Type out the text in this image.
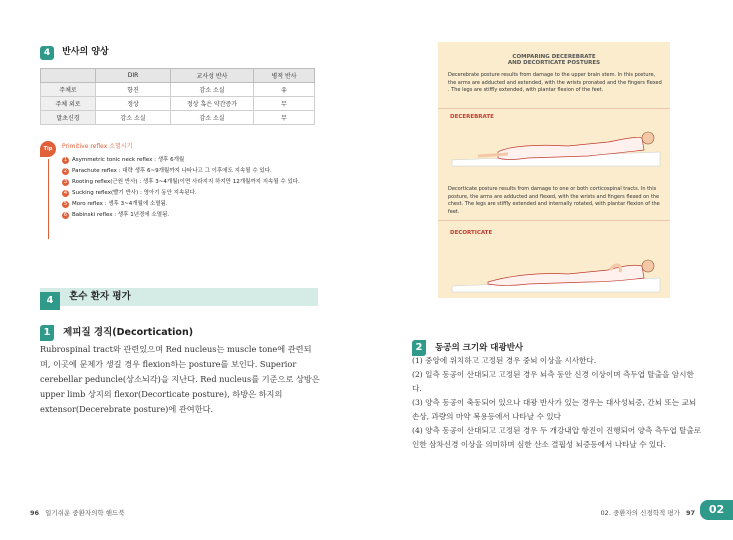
4 반사의 양상
	DIR	교사성 반사	병적 반사
주체로	항진	감소 소실	유
주체 외로	정상	정상 혹은 약간증가	무
말초신경	감소 소실	감소 소실	무
Tip	Primitive reflex 소멸시기
1 Asymmetric tonic neck reflex : 생후 6개월
2 Parachute reflex : 대략 생후 6~9개월까지 나타나고 그 이후에도 지속될 수 있다.
3 Rooting reflex(근원 반사) : 생후 3~4개월(이면 사라지지 하지만 12개월까지 지속될 수 있다.
4 Sucking reflex(빨기 반사) : 영아기 동안 지속된다.
5 Moro reflex : 생후 3~4개월에 소멸됨.
6 Babinski reflex : 생후 1년경에 소멸됨.
4 $^{혼수 환자 평가}$
1 제피질 경직(Decortication)
Rubrospinal tract와 관련있으며 Red nucleus는 muscle tone에 관련되며, 이곳에 문제가 생길 경우 flexion하는 posture를 보인다. Superior cerebellar peduncle(상소뇌각)을 지난다. Red nucleus를 기준으로 상방은 upper limb 상지의 flexor(Decorticate posture), 하방은 하지의 extensor(Decerebrate posture)에 관여한다.
96 일기쉬운 중환자의학 핸드북
COMPARING DECEREBRATE
AND DECORTICATE POSTURES
Decerebrate posture results from damage to the upper brain stem. In this posture, the arms are adducted and extended, with the wrists pronated and the fingers flexed . The legs are stiffly extended, with plantar flexion of the feet.
DECEREBRATE
Decorticate posture results from damage to one or both corticospinal tracts. In this posture, the arms are adducted and flexed, with the wrists and fingers flexed on the chest. The legs are stiffly extended and internally rotated, with plantar flexion of the feet.
DECORTICATE
2 동공의 크기와 대광반사
(1) 중앙에 위치하고 고정된 경우 중뇌 이상을 시사한다.
(2) 일측 동공이 산대되고 고정된 경우 뇌측 동안 신경 이상이며 측두엽 탈출을 암시한다.
(3) 양측 동공이 축동되어 있으나 대광 반사가 있는 경우는 대사성뇌증, 간뇌 또는 교뇌 손상, 과량의 마약 복용등에서 나타날 수 있다
(4) 양측 동공이 산대되고 고정된 경우 두 개강내압 항진이 진행되어 양측 측두엽 탈출로 인한 삼차신경 이상을 의미하며 심한 산소 결핍성 뇌증등에서 나타날 수 있다.
02. 중환자의 신경학적 평가 97	02
